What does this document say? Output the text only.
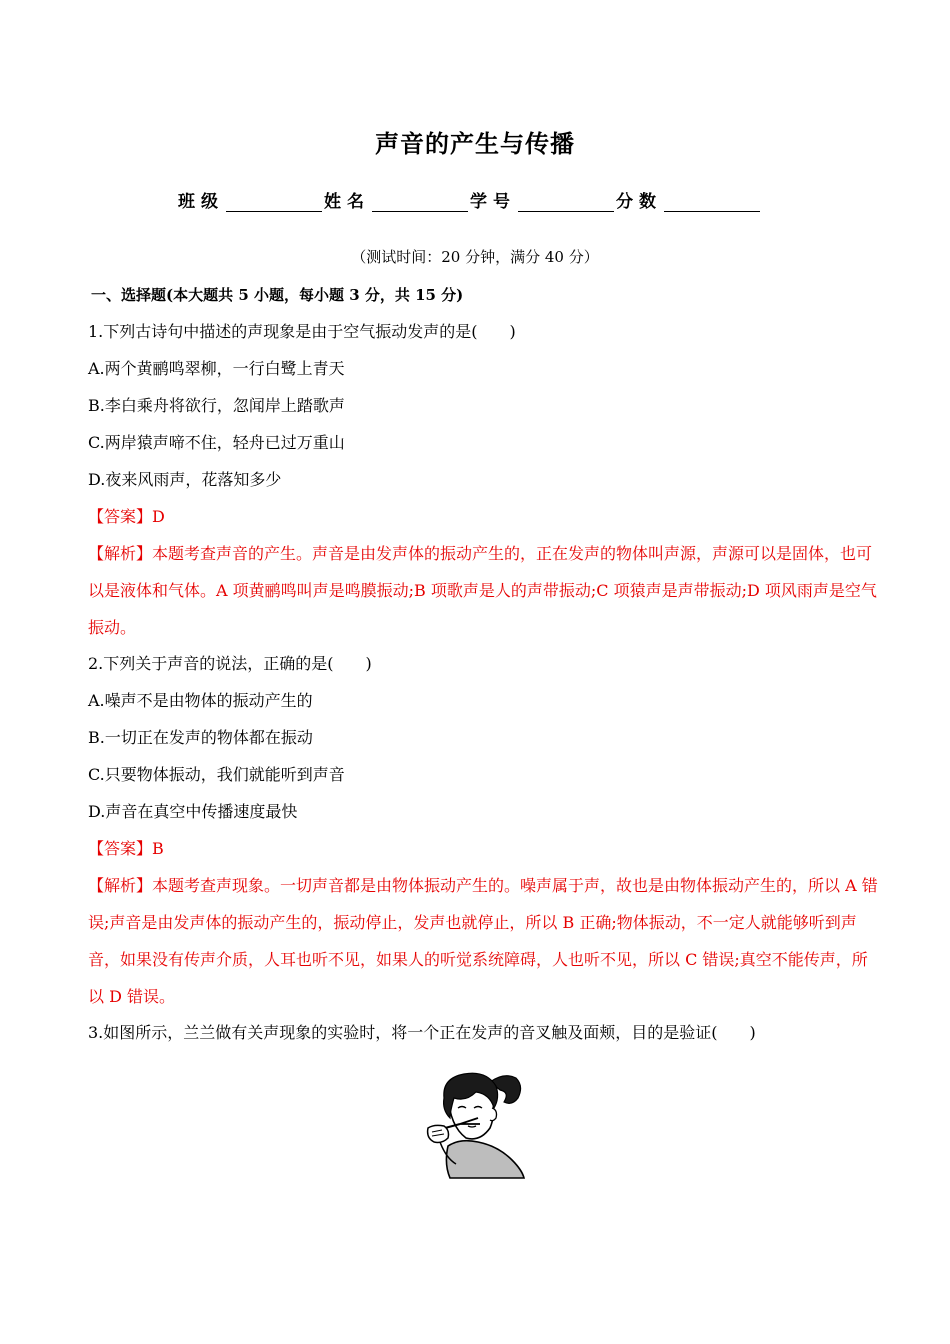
声音的产生与传播
班级	姓名	学号	分数
（测试时间：20 分钟，满分 40 分）
一、选择题(本大题共 5 小题，每小题 3 分，共 15 分)
1.下列古诗句中描述的声现象是由于空气振动发声的是(　　)
A.两个黄鹂鸣翠柳，一行白鹭上青天
B.李白乘舟将欲行，忽闻岸上踏歌声
C.两岸猿声啼不住，轻舟已过万重山
D.夜来风雨声，花落知多少
【答案】D
【解析】本题考查声音的产生。声音是由发声体的振动产生的，正在发声的物体叫声源，声源可以是固体，也可以是液体和气体。A 项黄鹂鸣叫声是鸣膜振动;B 项歌声是人的声带振动;C 项猿声是声带振动;D 项风雨声是空气振动。
2.下列关于声音的说法，正确的是(　　)
A.噪声不是由物体的振动产生的
B.一切正在发声的物体都在振动
C.只要物体振动，我们就能听到声音
D.声音在真空中传播速度最快
【答案】B
【解析】本题考查声现象。一切声音都是由物体振动产生的。噪声属于声，故也是由物体振动产生的，所以 A 错误;声音是由发声体的振动产生的，振动停止，发声也就停止，所以 B 正确;物体振动，不一定人就能够听到声音，如果没有传声介质，人耳也听不见，如果人的听觉系统障碍，人也听不见，所以 C 错误;真空不能传声，所以 D 错误。
3.如图所示，兰兰做有关声现象的实验时，将一个正在发声的音叉触及面颊，目的是验证(　　)
